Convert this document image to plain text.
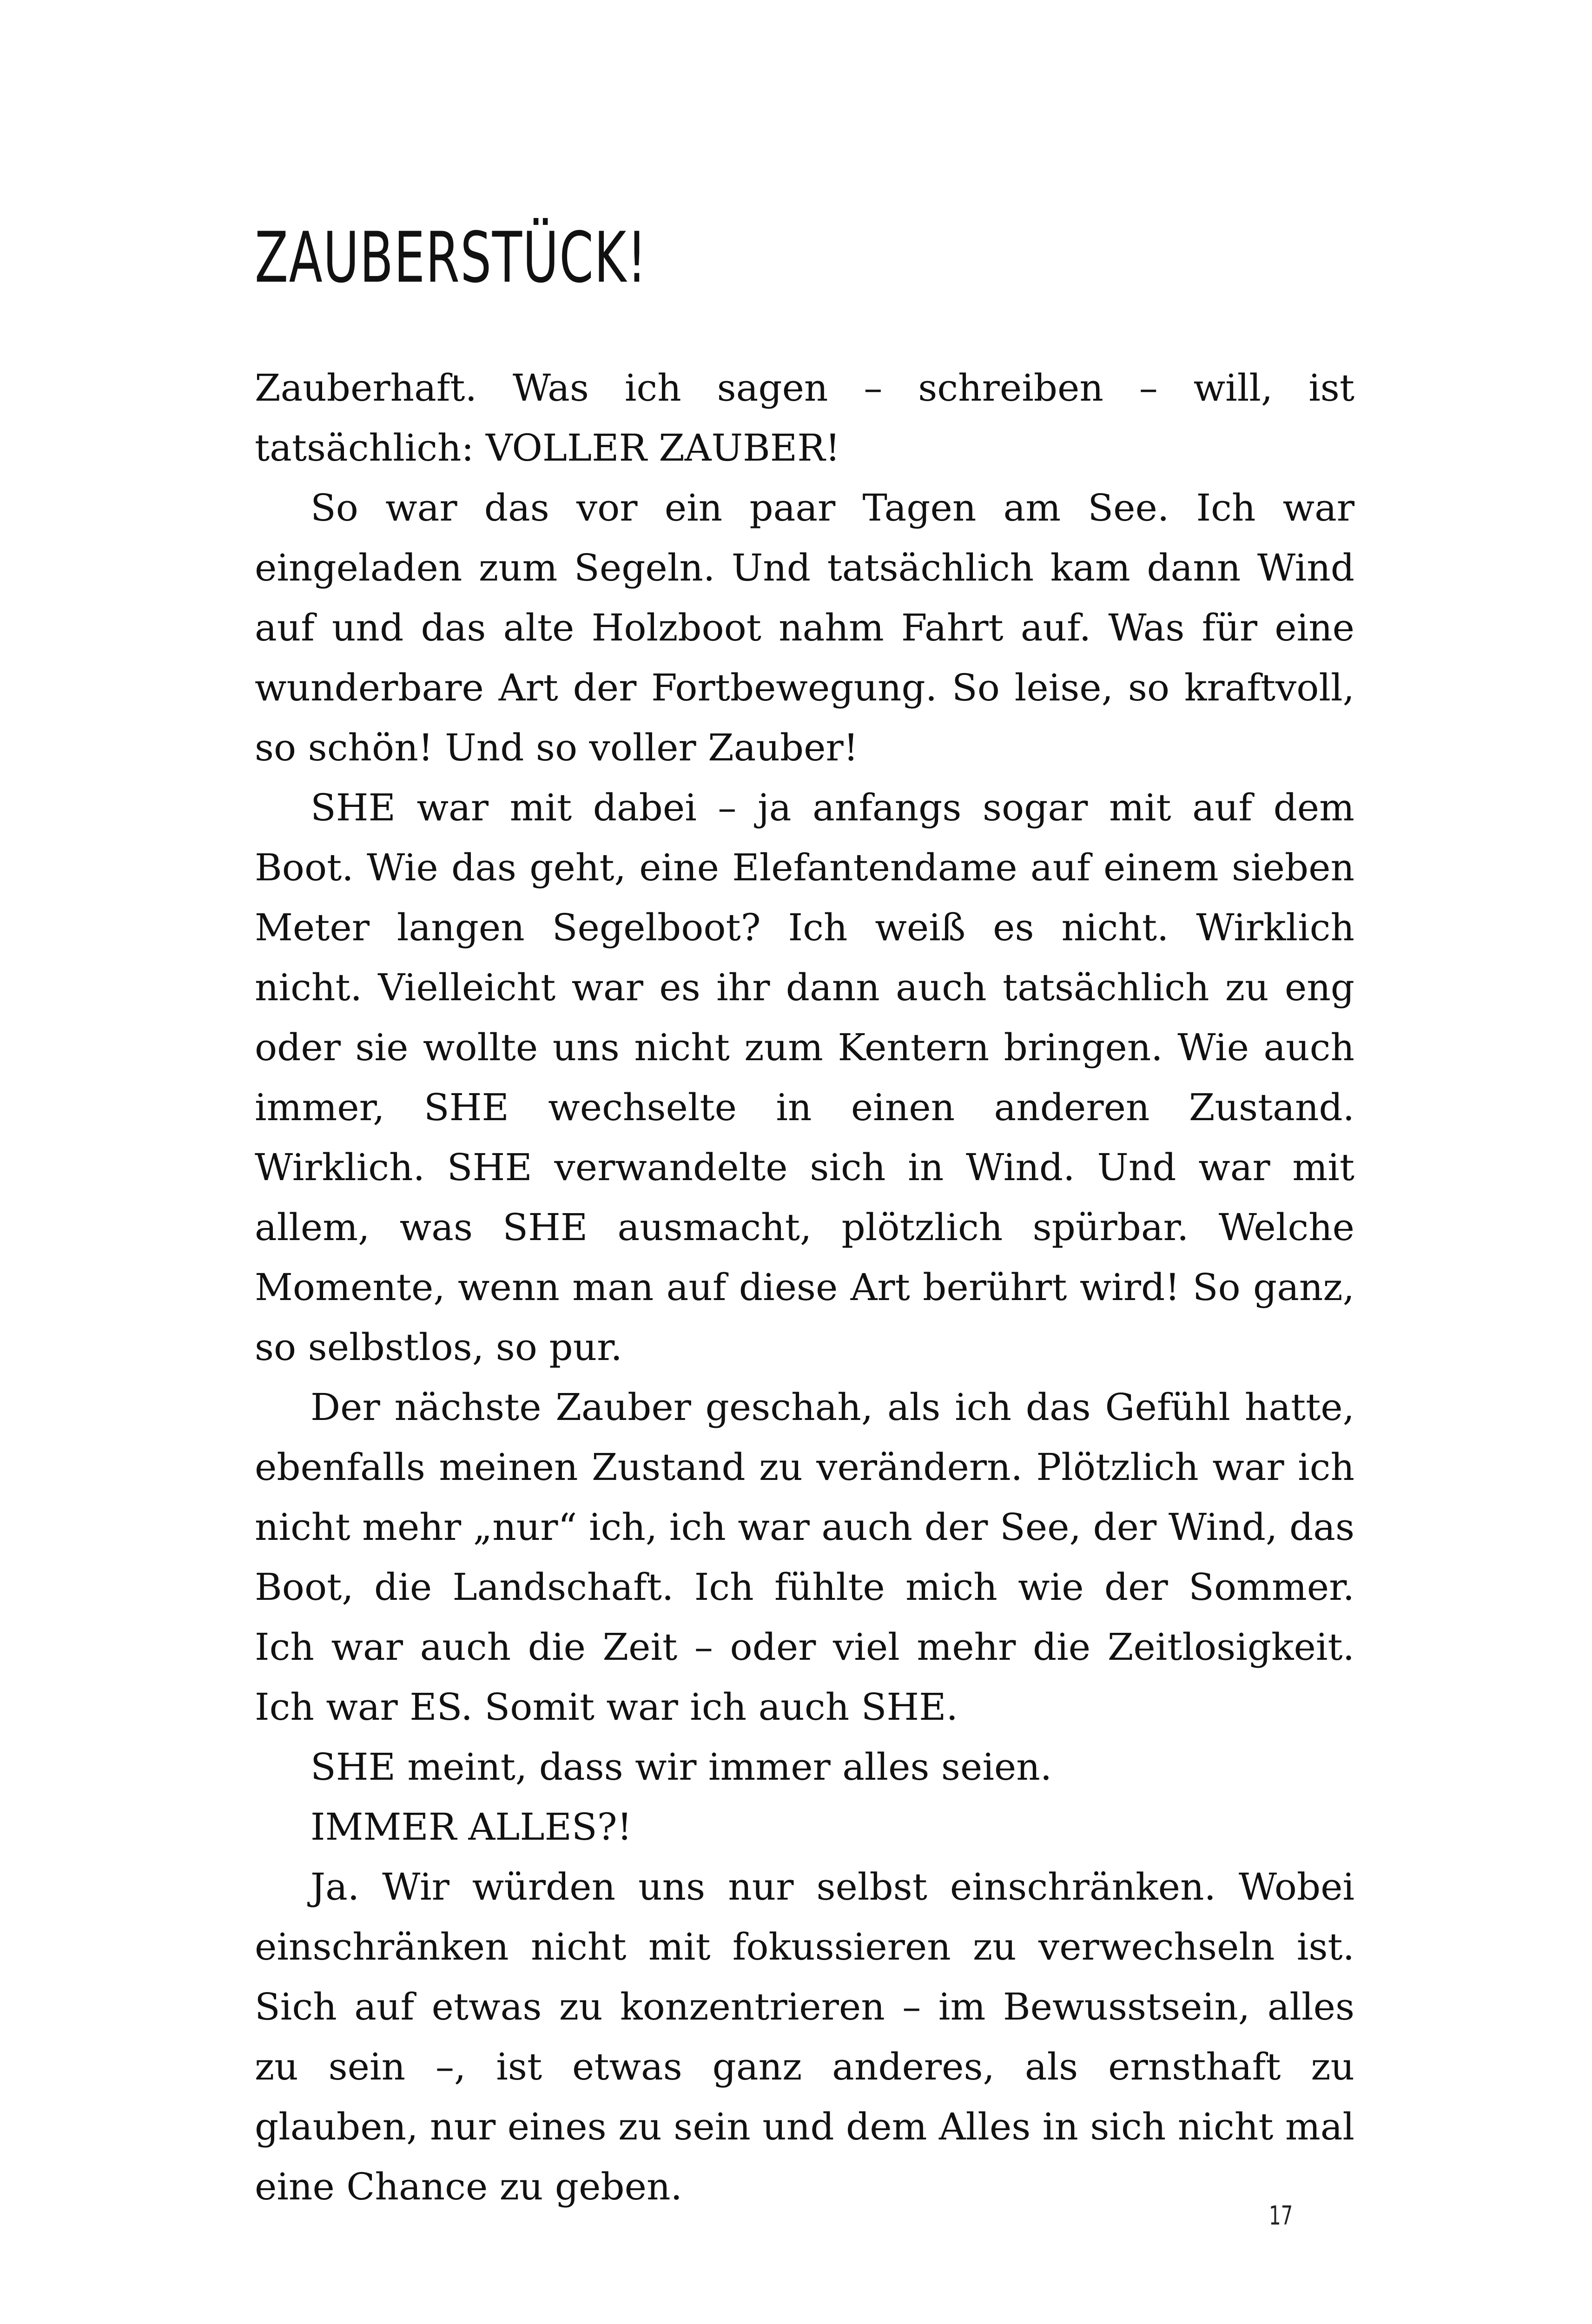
ZAUBERSTÜCK!

Zauberhaft. Was ich sagen – schreiben – will, ist tatsächlich: VOLLER ZAUBER!

So war das vor ein paar Tagen am See. Ich war eingeladen zum Segeln. Und tatsächlich kam dann Wind auf und das alte Holzboot nahm Fahrt auf. Was für eine wunderbare Art der Fortbewegung. So leise, so kraftvoll, so schön! Und so voller Zauber!

SHE war mit dabei – ja anfangs sogar mit auf dem Boot. Wie das geht, eine Elefantendame auf einem sieben Meter langen Segelboot? Ich weiß es nicht. Wirklich nicht. Vielleicht war es ihr dann auch tatsächlich zu eng oder sie wollte uns nicht zum Kentern bringen. Wie auch immer, SHE wechselte in einen anderen Zustand. Wirklich. SHE verwandelte sich in Wind. Und war mit allem, was SHE ausmacht, plötzlich spürbar. Welche Momente, wenn man auf diese Art berührt wird! So ganz, so selbstlos, so pur.

Der nächste Zauber geschah, als ich das Gefühl hatte, ebenfalls meinen Zustand zu verändern. Plötzlich war ich nicht mehr „nur“ ich, ich war auch der See, der Wind, das Boot, die Landschaft. Ich fühlte mich wie der Sommer. Ich war auch die Zeit – oder viel mehr die Zeitlosigkeit. Ich war ES. Somit war ich auch SHE.

SHE meint, dass wir immer alles seien.

IMMER ALLES?!

Ja. Wir würden uns nur selbst einschränken. Wobei einschränken nicht mit fokussieren zu verwechseln ist. Sich auf etwas zu konzentrieren – im Bewusstsein, alles zu sein –, ist etwas ganz anderes, als ernsthaft zu glauben, nur eines zu sein und dem Alles in sich nicht mal eine Chance zu geben.

17
